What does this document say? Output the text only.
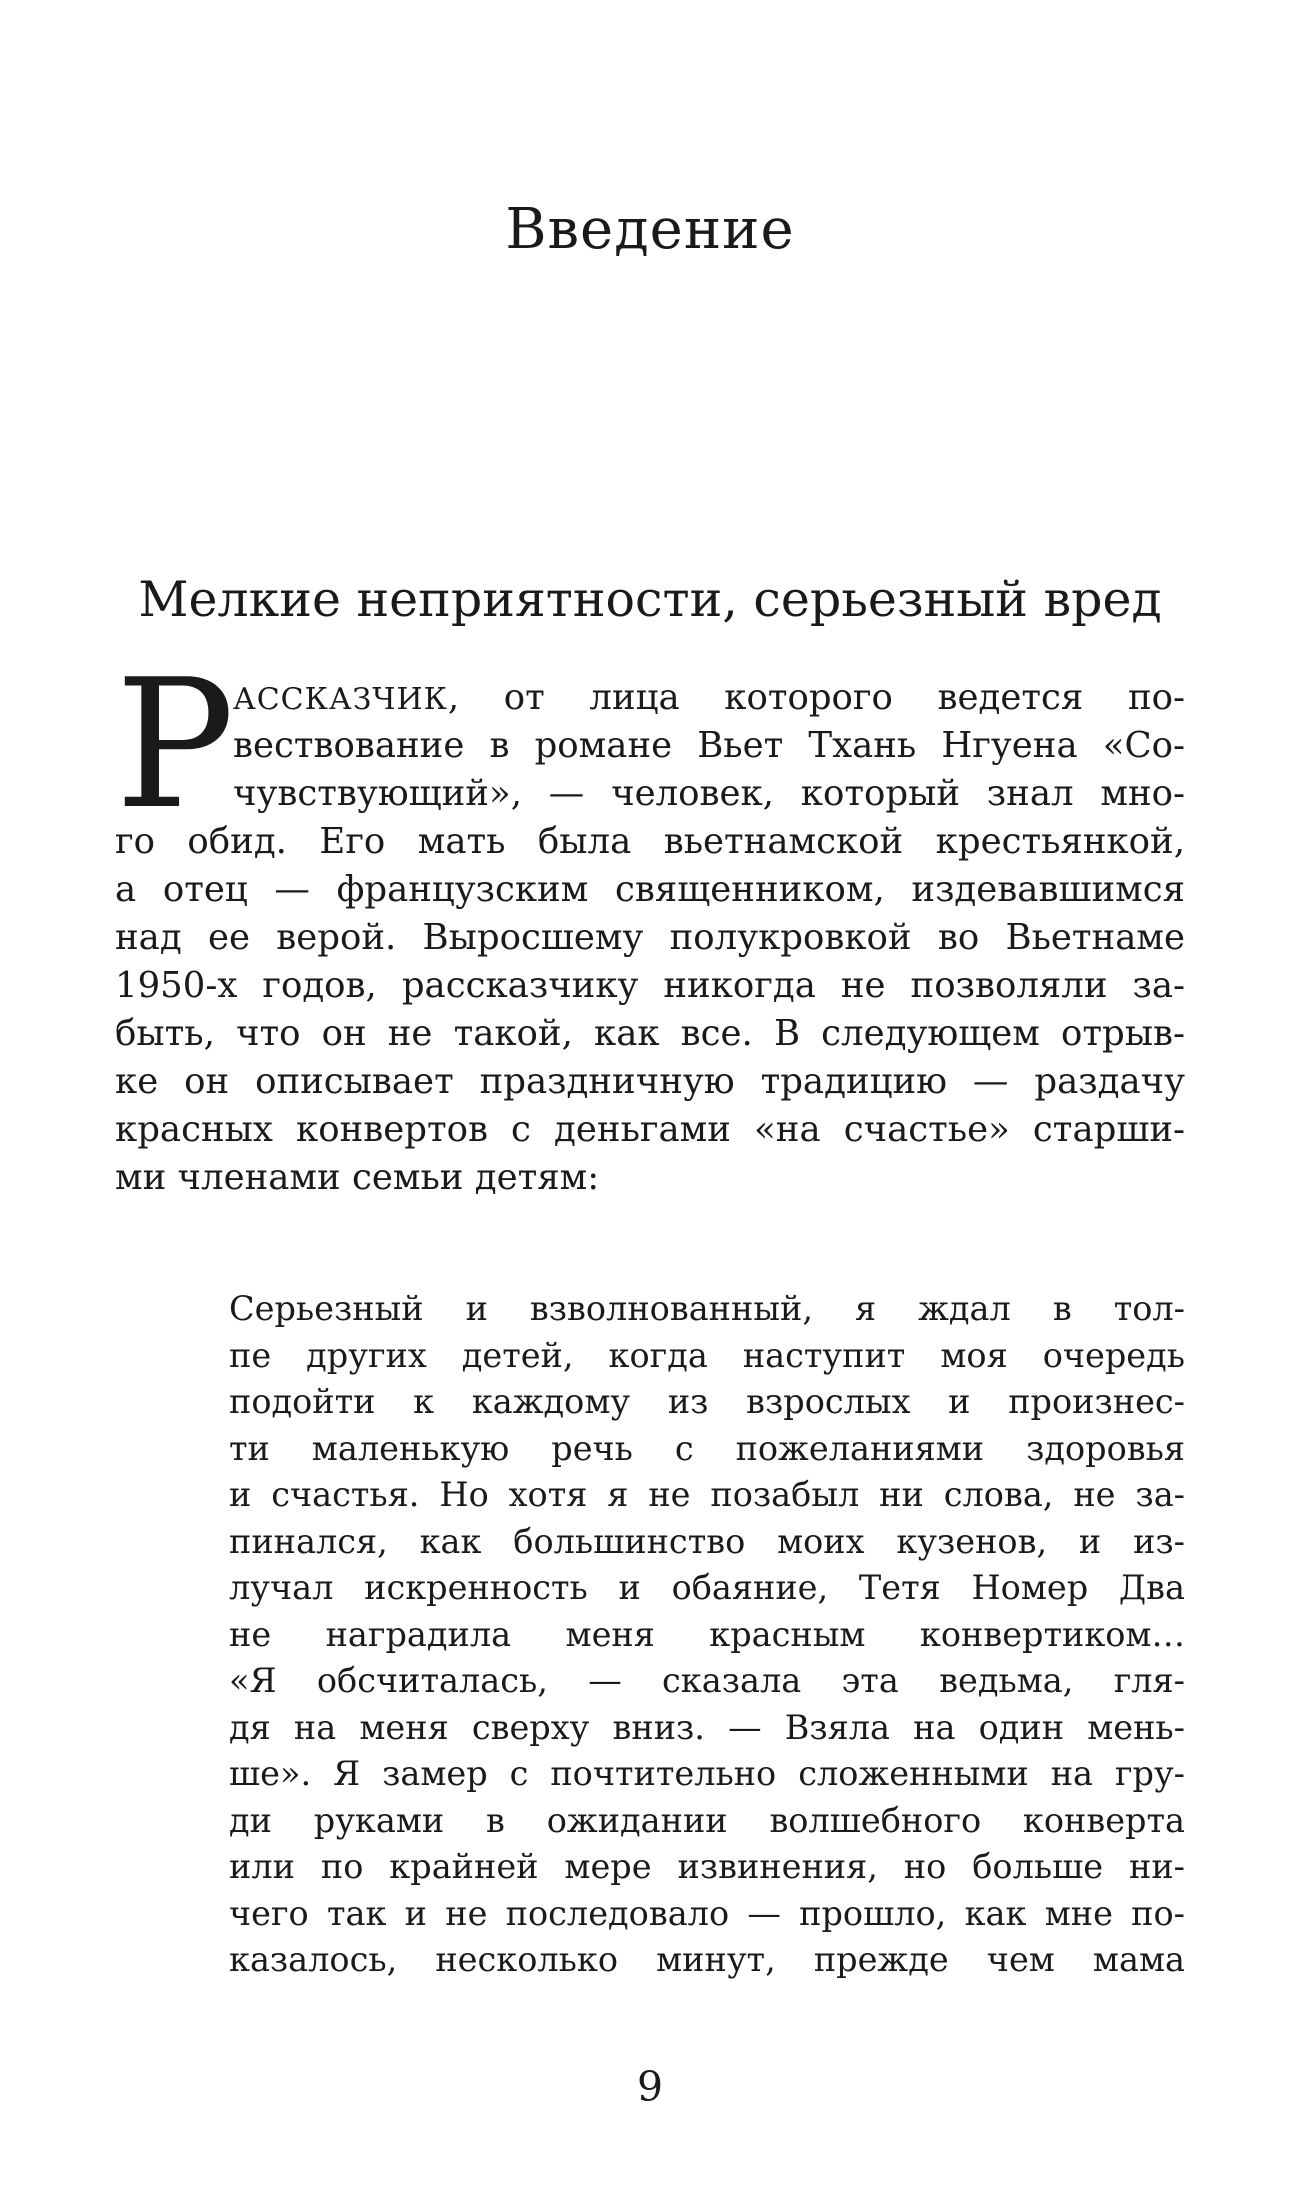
Введение
Мелкие неприятности, серьезный вред
Р
АССКАЗЧИК, от лица которого ведется по-
вествование в романе Вьет Тхань Нгуена «Со-
чувствующий», — человек, который знал мно-
го обид. Его мать была вьетнамской крестьянкой,
а отец — французским священником, издевавшимся
над ее верой. Выросшему полукровкой во Вьетнаме
1950-х годов, рассказчику никогда не позволяли за-
быть, что он не такой, как все. В следующем отрыв-
ке он описывает праздничную традицию — раздачу
красных конвертов с деньгами «на счастье» старши-
ми членами семьи детям:
Серьезный и взволнованный, я ждал в тол-
пе других детей, когда наступит моя очередь
подойти к каждому из взрослых и произнес-
ти маленькую речь с пожеланиями здоровья
и счастья. Но хотя я не позабыл ни слова, не за-
пинался, как большинство моих кузенов, и из-
лучал искренность и обаяние, Тетя Номер Два
не наградила меня красным конвертиком…
«Я обсчиталась, — сказала эта ведьма, гля-
дя на меня сверху вниз. — Взяла на один мень-
ше». Я замер с почтительно сложенными на гру-
ди руками в ожидании волшебного конверта
или по крайней мере извинения, но больше ни-
чего так и не последовало — прошло, как мне по-
казалось, несколько минут, прежде чем мама

9
